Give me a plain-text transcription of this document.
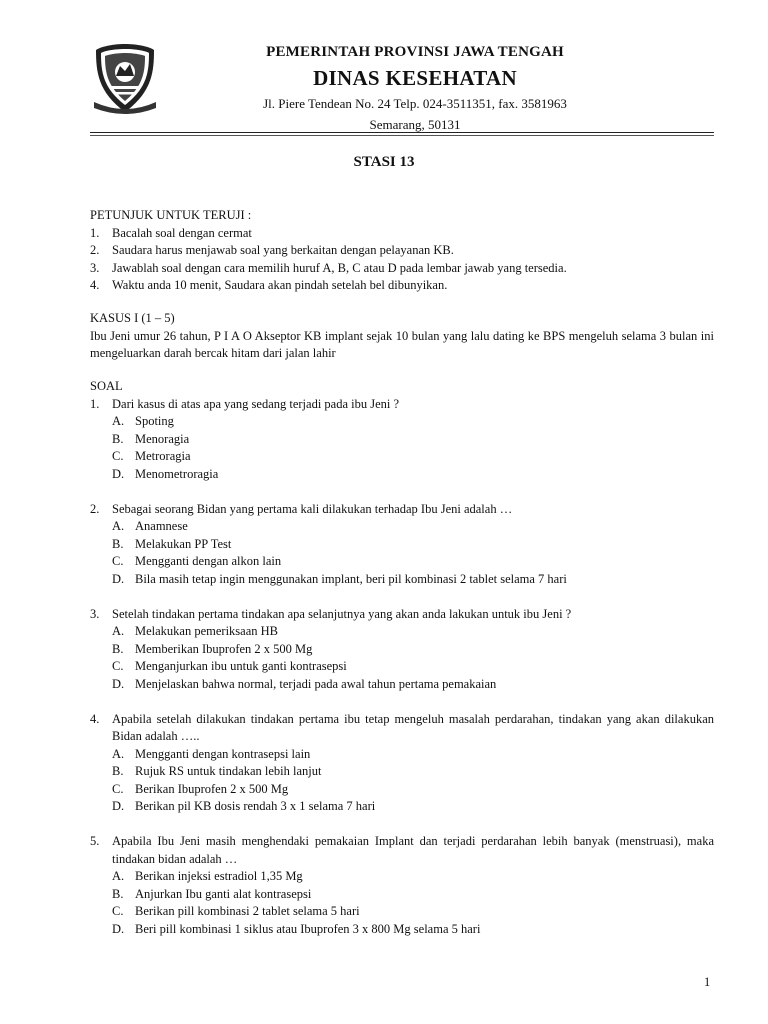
PEMERINTAH PROVINSI JAWA TENGAH
DINAS KESEHATAN
Jl. Piere Tendean No. 24 Telp. 024-3511351, fax. 3581963
Semarang, 50131
STASI 13
PETUNJUK UNTUK TERUJI :
1. Bacalah soal dengan cermat
2. Saudara harus menjawab soal yang berkaitan dengan pelayanan KB.
3. Jawablah soal dengan cara memilih huruf A, B, C atau D pada lembar jawab yang tersedia.
4. Waktu anda 10 menit, Saudara akan pindah setelah bel dibunyikan.
KASUS I (1 – 5)
Ibu Jeni umur 26 tahun, P I A O Akseptor KB implant sejak 10 bulan yang lalu dating ke BPS mengeluh selama 3 bulan ini mengeluarkan darah bercak hitam dari jalan lahir
SOAL
1. Dari kasus di atas apa yang sedang terjadi pada ibu Jeni ?
A. Spoting
B. Menoragia
C. Metroragia
D. Menometroragia
2. Sebagai seorang Bidan yang pertama kali dilakukan terhadap Ibu Jeni adalah …
A. Anamnese
B. Melakukan PP Test
C. Mengganti dengan alkon lain
D. Bila masih tetap ingin menggunakan implant, beri pil kombinasi 2 tablet selama 7 hari
3. Setelah tindakan pertama tindakan apa selanjutnya yang akan anda lakukan untuk ibu Jeni ?
A. Melakukan pemeriksaan HB
B. Memberikan Ibuprofen 2 x 500 Mg
C. Menganjurkan ibu untuk ganti kontrasepsi
D. Menjelaskan bahwa normal, terjadi pada awal tahun pertama pemakaian
4. Apabila setelah dilakukan tindakan pertama ibu tetap mengeluh masalah perdarahan, tindakan yang akan dilakukan Bidan adalah …..
A. Mengganti dengan kontrasepsi lain
B. Rujuk RS untuk tindakan lebih lanjut
C. Berikan Ibuprofen 2 x 500 Mg
D. Berikan pil KB dosis rendah 3 x 1 selama 7 hari
5. Apabila Ibu Jeni masih menghendaki pemakaian Implant dan terjadi perdarahan lebih banyak (menstruasi), maka tindakan bidan adalah …
A. Berikan injeksi estradiol 1,35 Mg
B. Anjurkan Ibu ganti alat kontrasepsi
C. Berikan pill kombinasi 2 tablet selama 5 hari
D. Beri pill kombinasi 1 siklus atau Ibuprofen 3 x 800 Mg selama 5 hari
1
